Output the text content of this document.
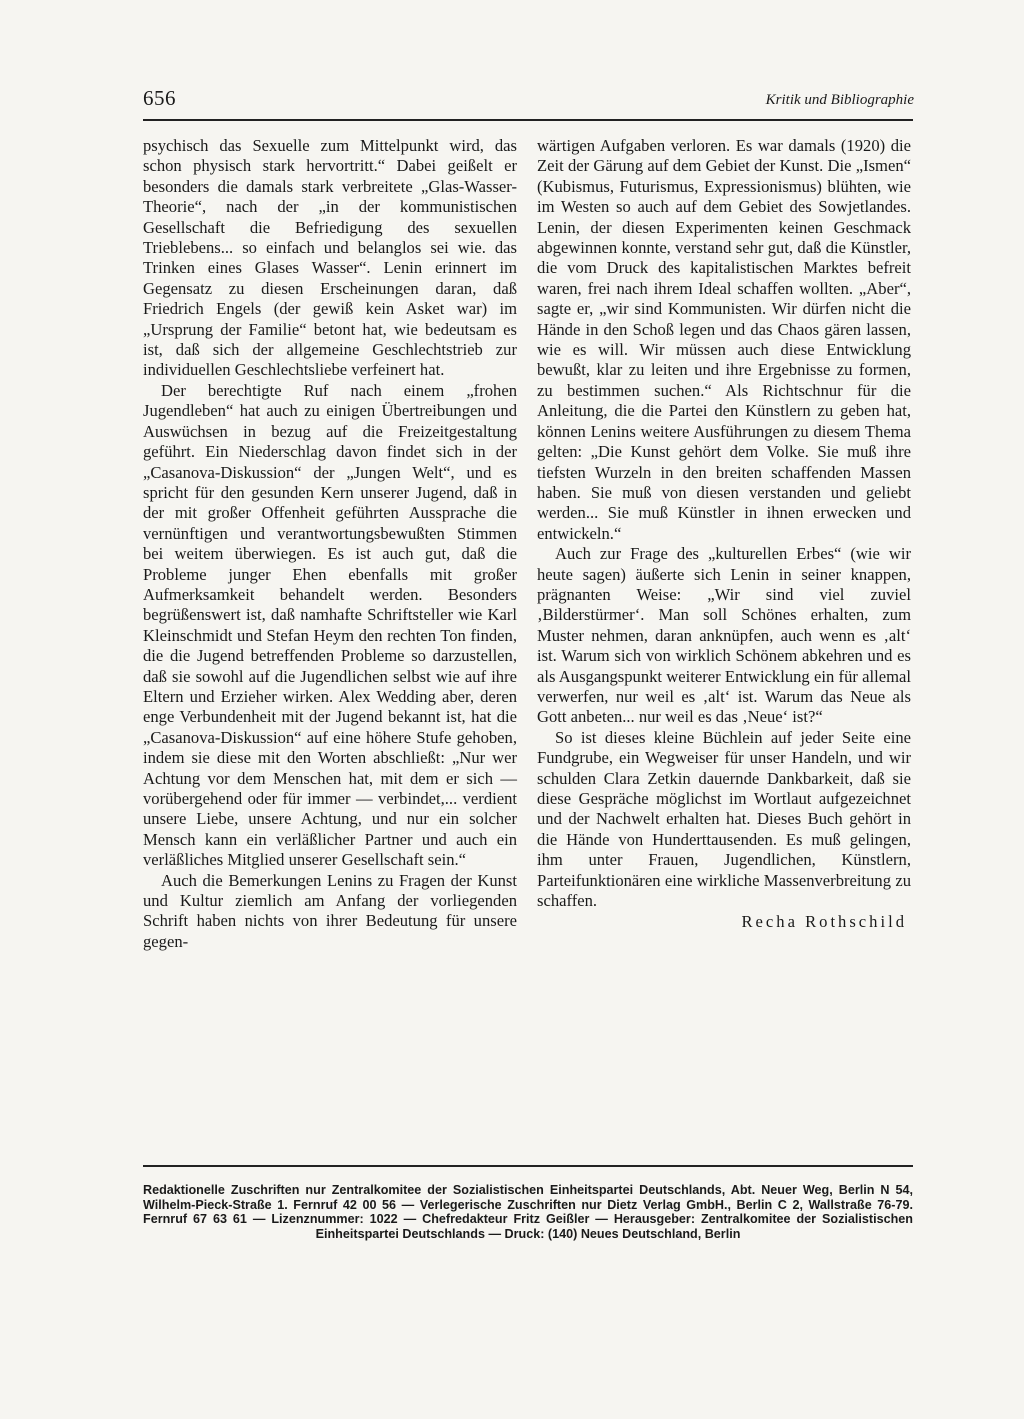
656	Kritik und Bibliographie

psychisch das Sexuelle zum Mittelpunkt wird, das schon physisch stark hervortritt.“ Dabei geißelt er besonders die damals stark verbreitete „Glas-Wasser-Theorie“, nach der „in der kommunistischen Gesellschaft die Befriedigung des sexuellen Trieblebens... so einfach und belanglos sei wie. das Trinken eines Glases Wasser“. Lenin erinnert im Gegensatz zu diesen Erscheinungen daran, daß Friedrich Engels (der gewiß kein Asket war) im „Ursprung der Familie“ betont hat, wie bedeutsam es ist, daß sich der allgemeine Geschlechtstrieb zur individuellen Geschlechtsliebe verfeinert hat.

Der berechtigte Ruf nach einem „frohen Jugendleben“ hat auch zu einigen Übertreibungen und Auswüchsen in bezug auf die Freizeitgestaltung geführt. Ein Niederschlag davon findet sich in der „Casanova-Diskussion“ der „Jungen Welt“, und es spricht für den gesunden Kern unserer Jugend, daß in der mit großer Offenheit geführten Aussprache die vernünftigen und verantwortungsbewußten Stimmen bei weitem überwiegen. Es ist auch gut, daß die Probleme junger Ehen ebenfalls mit großer Aufmerksamkeit behandelt werden. Besonders begrüßenswert ist, daß namhafte Schriftsteller wie Karl Kleinschmidt und Stefan Heym den rechten Ton finden, die die Jugend betreffenden Probleme so darzustellen, daß sie sowohl auf die Jugendlichen selbst wie auf ihre Eltern und Erzieher wirken. Alex Wedding aber, deren enge Verbundenheit mit der Jugend bekannt ist, hat die „Casanova-Diskussion“ auf eine höhere Stufe gehoben, indem sie diese mit den Worten abschließt: „Nur wer Achtung vor dem Menschen hat, mit dem er sich — vorübergehend oder für immer — verbindet,... verdient unsere Liebe, unsere Achtung, und nur ein solcher Mensch kann ein verläßlicher Partner und auch ein verläßliches Mitglied unserer Gesellschaft sein.“

Auch die Bemerkungen Lenins zu Fragen der Kunst und Kultur ziemlich am Anfang der vorliegenden Schrift haben nichts von ihrer Bedeutung für unsere gegen-

wärtigen Aufgaben verloren. Es war damals (1920) die Zeit der Gärung auf dem Gebiet der Kunst. Die „Ismen“ (Kubismus, Futurismus, Expressionismus) blühten, wie im Westen so auch auf dem Gebiet des Sowjetlandes. Lenin, der diesen Experimenten keinen Geschmack abgewinnen konnte, verstand sehr gut, daß die Künstler, die vom Druck des kapitalistischen Marktes befreit waren, frei nach ihrem Ideal schaffen wollten. „Aber“, sagte er, „wir sind Kommunisten. Wir dürfen nicht die Hände in den Schoß legen und das Chaos gären lassen, wie es will. Wir müssen auch diese Entwicklung bewußt, klar zu leiten und ihre Ergebnisse zu formen, zu bestimmen suchen.“ Als Richtschnur für die Anleitung, die die Partei den Künstlern zu geben hat, können Lenins weitere Ausführungen zu diesem Thema gelten: „Die Kunst gehört dem Volke. Sie muß ihre tiefsten Wurzeln in den breiten schaffenden Massen haben. Sie muß von diesen verstanden und geliebt werden... Sie muß Künstler in ihnen erwecken und entwickeln.“

Auch zur Frage des „kulturellen Erbes“ (wie wir heute sagen) äußerte sich Lenin in seiner knappen, prägnanten Weise: „Wir sind viel zuviel ‚Bilderstürmer‘. Man soll Schönes erhalten, zum Muster nehmen, daran anknüpfen, auch wenn es ‚alt‘ ist. Warum sich von wirklich Schönem abkehren und es als Ausgangspunkt weiterer Entwicklung ein für allemal verwerfen, nur weil es ‚alt‘ ist. Warum das Neue als Gott anbeten... nur weil es das ‚Neue‘ ist?“

So ist dieses kleine Büchlein auf jeder Seite eine Fundgrube, ein Wegweiser für unser Handeln, und wir schulden Clara Zetkin dauernde Dankbarkeit, daß sie diese Gespräche möglichst im Wortlaut aufgezeichnet und der Nachwelt erhalten hat. Dieses Buch gehört in die Hände von Hunderttausenden. Es muß gelingen, ihm unter Frauen, Jugendlichen, Künstlern, Parteifunktionären eine wirkliche Massenverbreitung zu schaffen.

Recha Rothschild
Redaktionelle Zuschriften nur Zentralkomitee der Sozialistischen Einheitspartei Deutschlands, Abt. Neuer Weg, Berlin N 54, Wilhelm-Pieck-Straße 1. Fernruf 42 00 56 — Verlegerische Zuschriften nur Dietz Verlag GmbH., Berlin C 2, Wallstraße 76-79. Fernruf 67 63 61 — Lizenznummer: 1022 — Chefredakteur Fritz Geißler — Herausgeber: Zentralkomitee der Sozialistischen Einheitspartei Deutschlands — Druck: (140) Neues Deutschland, Berlin
